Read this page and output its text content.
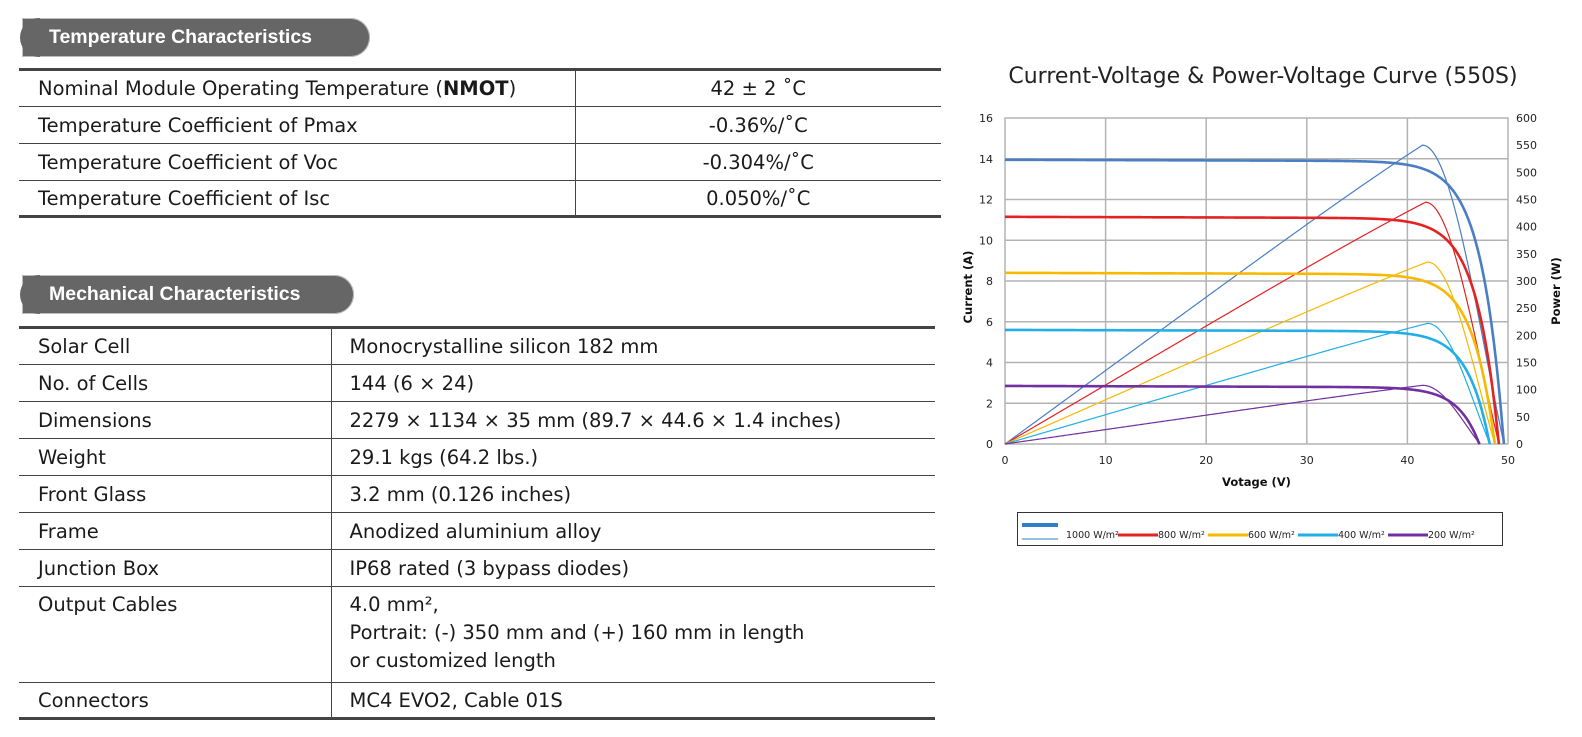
Temperature Characteristics
Nominal Module Operating Temperature (NMOT)	42 ± 2 ˚C
Temperature Coefficient of Pmax	-0.36%/˚C
Temperature Coefficient of Voc	-0.304%/˚C
Temperature Coefficient of Isc	0.050%/˚C
Mechanical Characteristics
Solar Cell	Monocrystalline silicon 182 mm
No. of Cells	144 (6 × 24)
Dimensions	2279 × 1134 × 35 mm (89.7 × 44.6 × 1.4 inches)
Weight	29.1 kgs (64.2 lbs.)
Front Glass	3.2 mm (0.126 inches)
Frame	Anodized aluminium alloy
Junction Box	IP68 rated (3 bypass diodes)
Output Cables	4.0 mm²,
Portrait: (-) 350 mm and (+) 160 mm in length
or customized length

Connectors	MC4 EVO2, Cable 01S
Current-Voltage & Power-Voltage Curve (550S)
0	10	20	30	40	50
0
2
4
6
8
10
12
14
16
0
50
100
150
200
250
300
350
400
450
500
550
600
Votage (V)
Current (A)	Power (W)
1000 W/m²	800 W/m²	600 W/m²	400 W/m²	200 W/m²
